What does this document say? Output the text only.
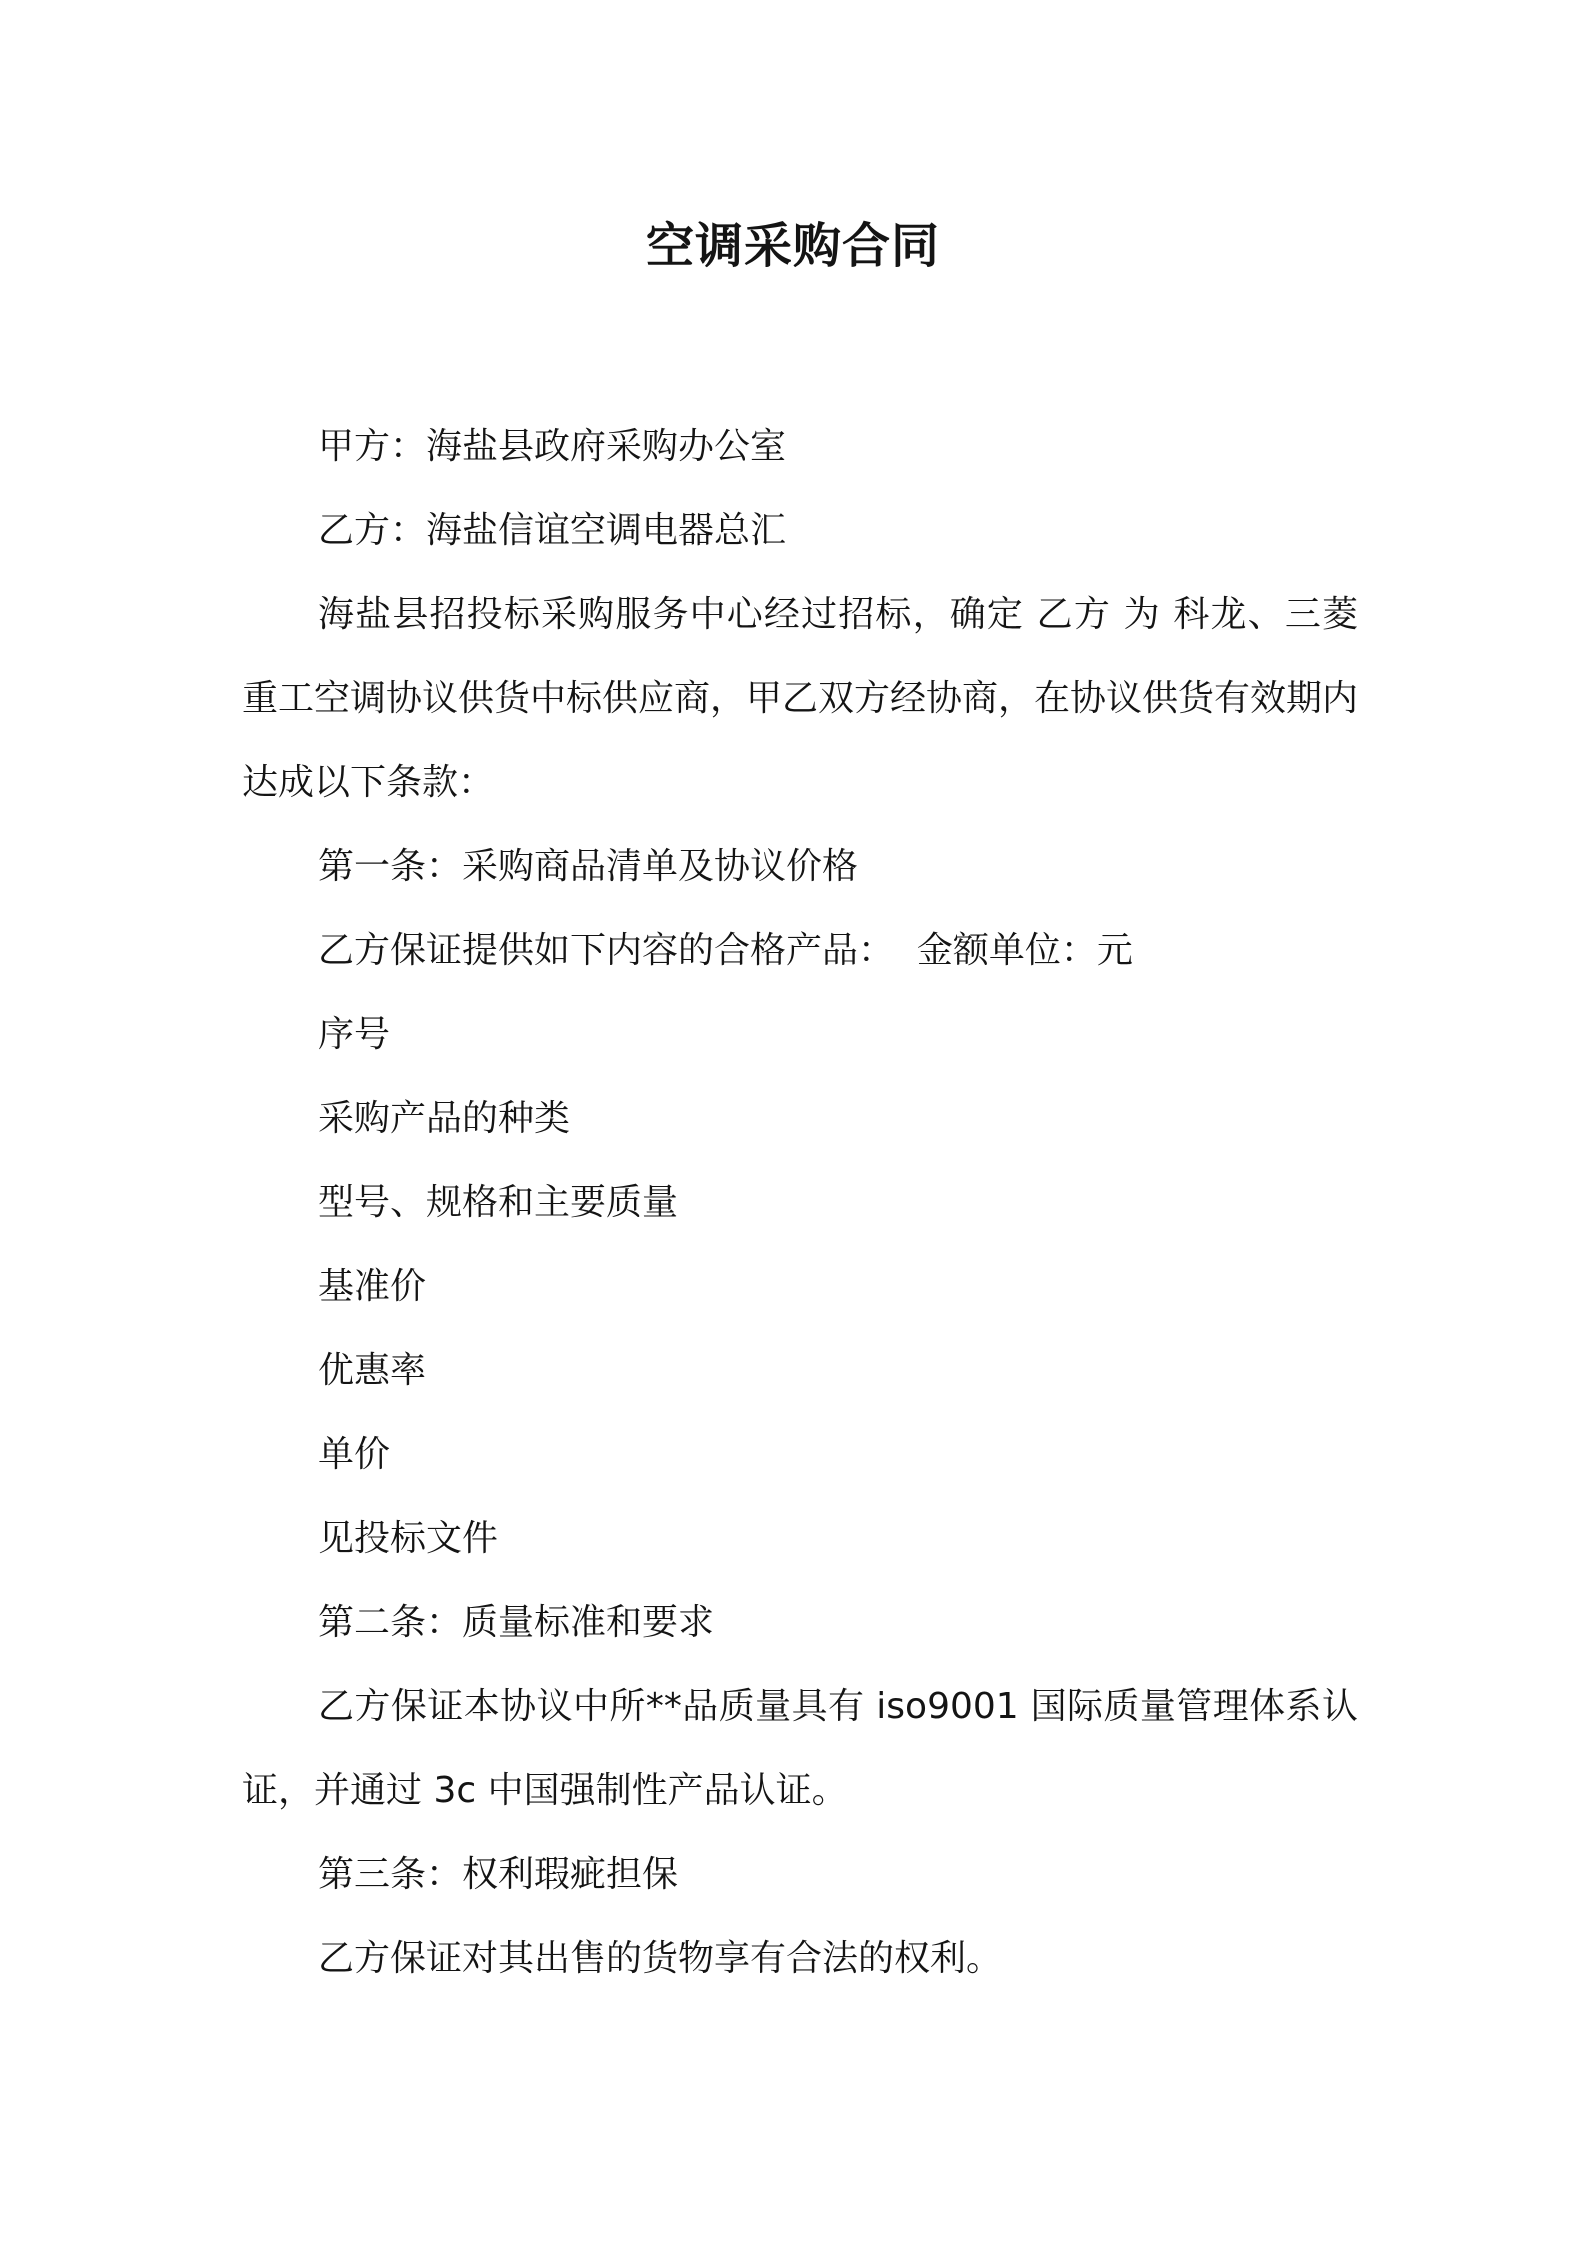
空调采购合同

甲方：海盐县政府采购办公室

乙方：海盐信谊空调电器总汇

海盐县招投标采购服务中心经过招标，确定 乙方 为 科龙、三菱重工空调协议供货中标供应商，甲乙双方经协商，在协议供货有效期内达成以下条款：

第一条：采购商品清单及协议价格

乙方保证提供如下内容的合格产品：  金额单位：元

序号

采购产品的种类

型号、规格和主要质量

基准价

优惠率

单价

见投标文件

第二条：质量标准和要求

乙方保证本协议中所**品质量具有 iso9001 国际质量管理体系认证，并通过 3c 中国强制性产品认证。

第三条：权利瑕疵担保

乙方保证对其出售的货物享有合法的权利。
